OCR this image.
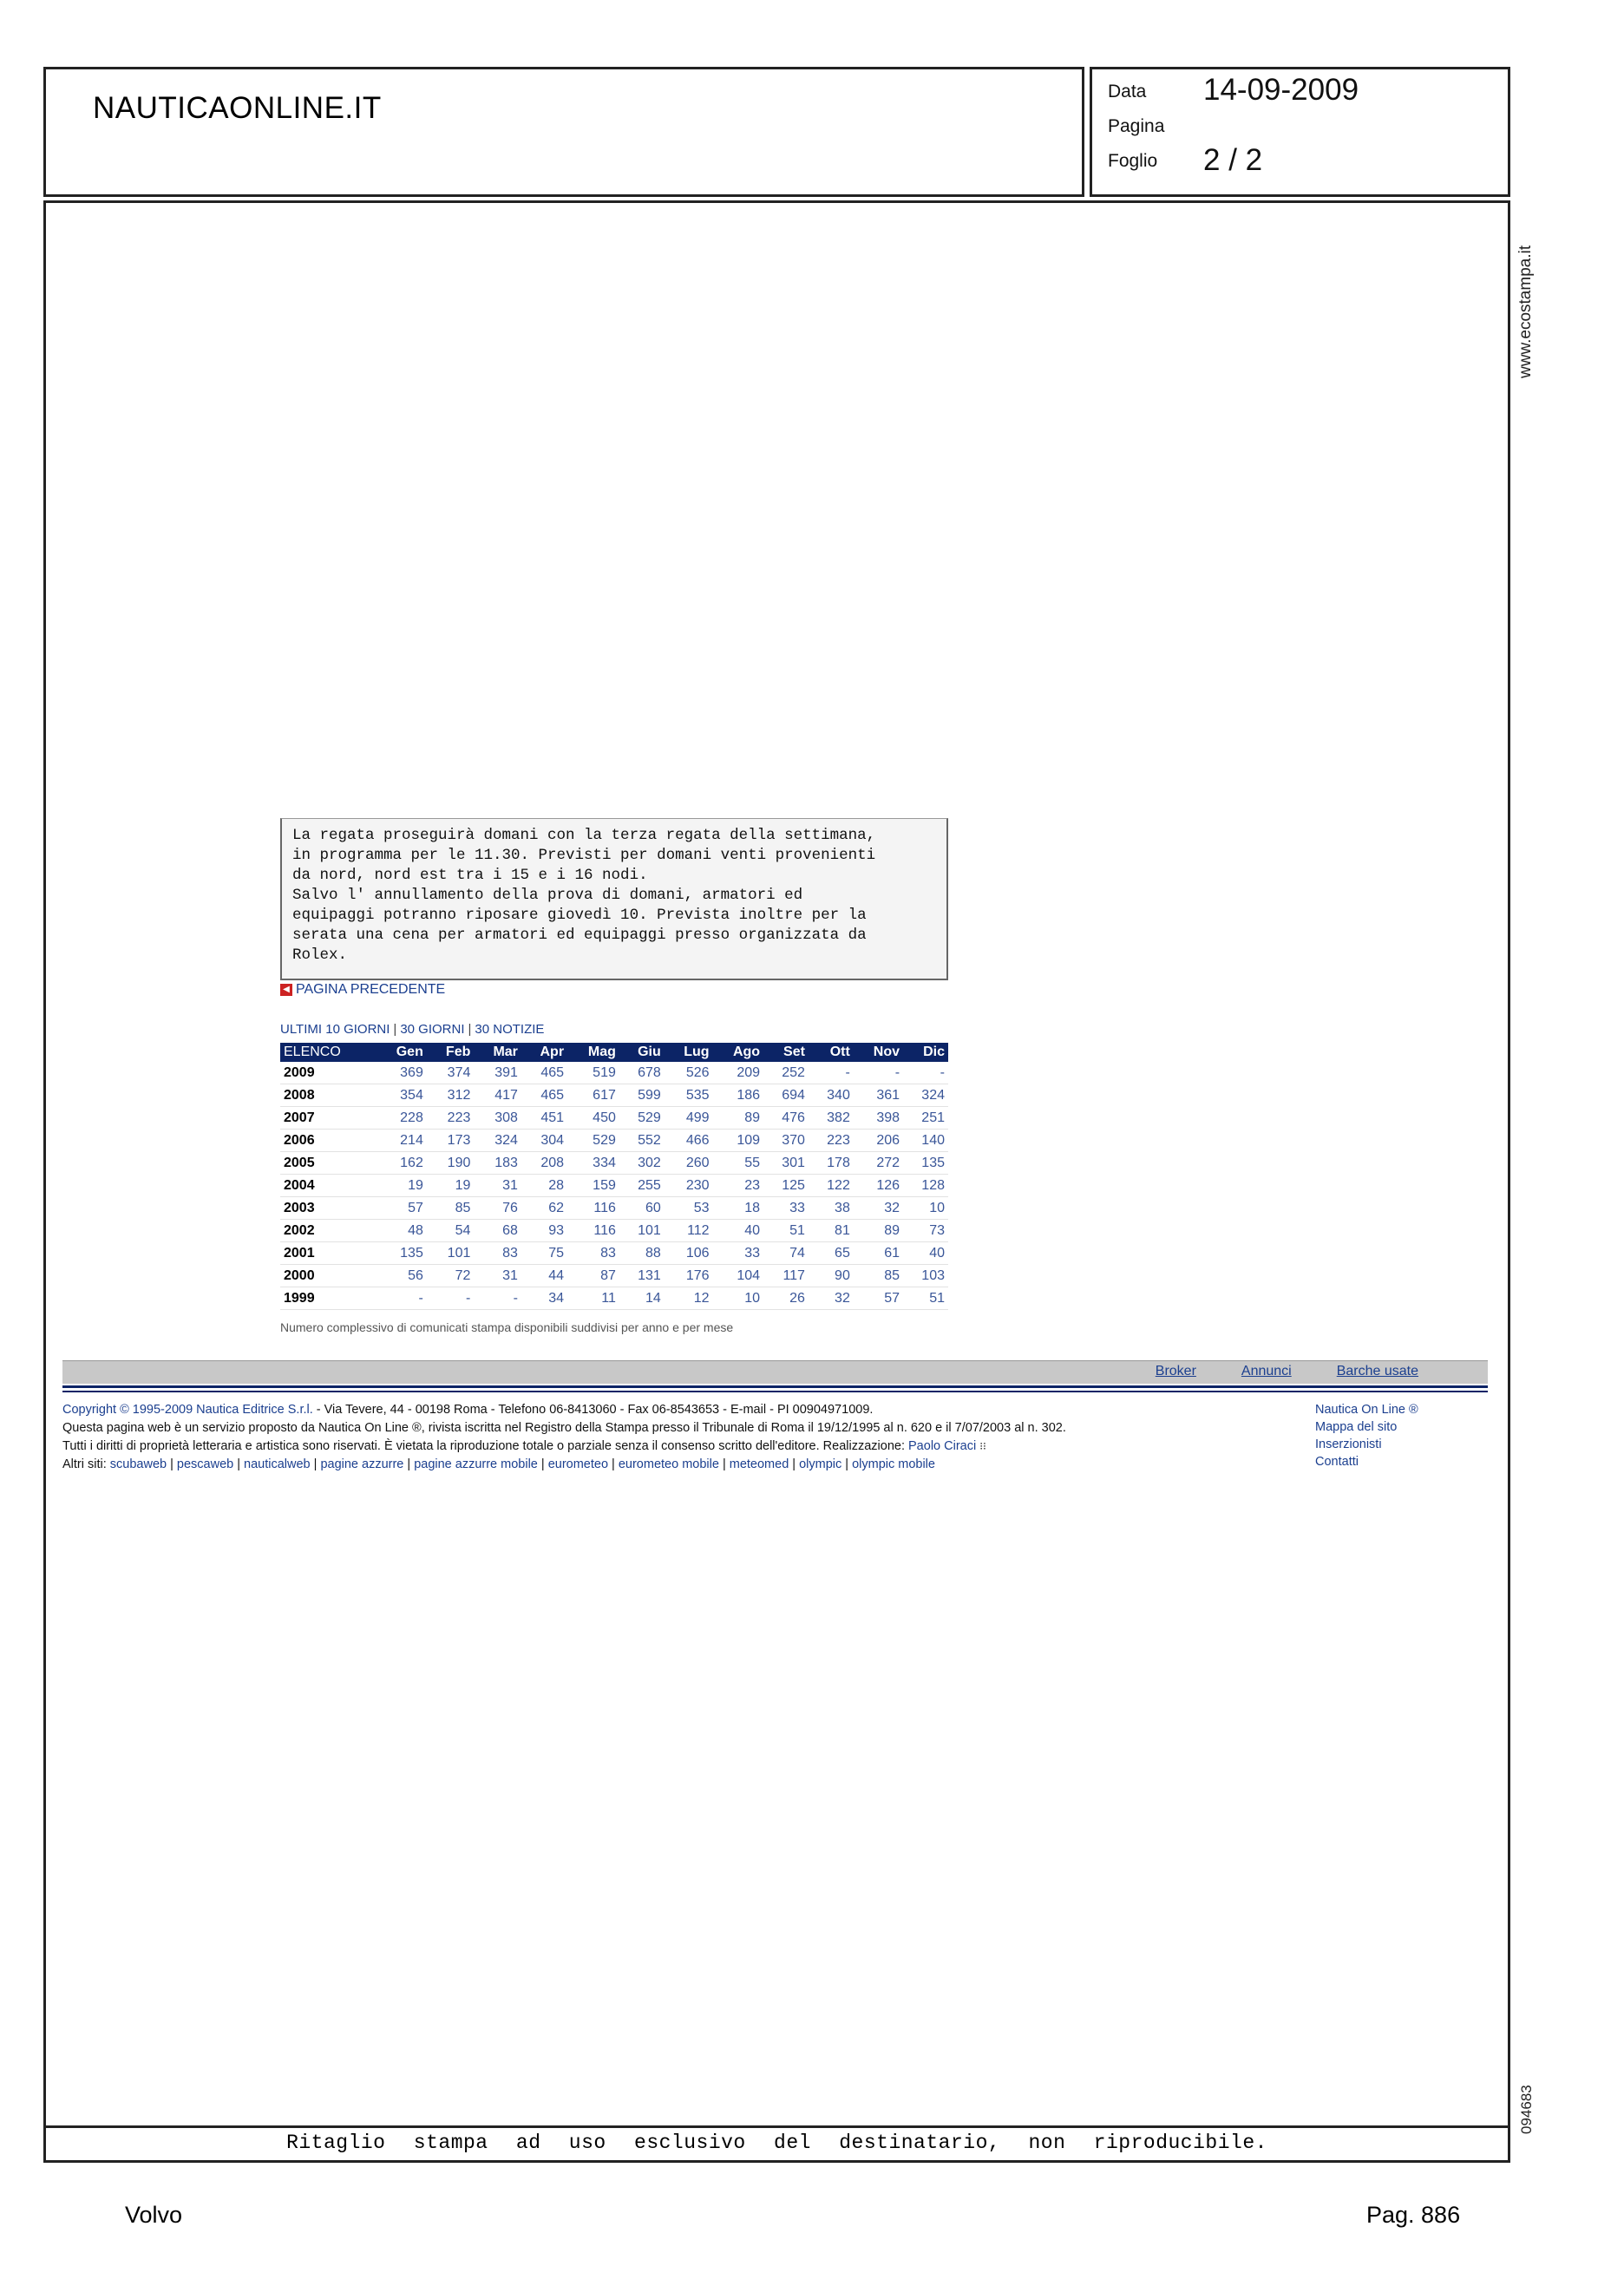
NAUTICAONLINE.IT	Data 14-09-2009
Pagina
Foglio 2 / 2
www.ecostampa.it
094683
Ritaglio stampa ad uso esclusivo del destinatario, non riproducibile.
La regata proseguirà domani con la terza regata della settimana,
in programma per le 11.30. Previsti per domani venti provenienti
da nord, nord est tra i 15 e i 16 nodi.
Salvo l' annullamento della prova di domani, armatori ed
equipaggi potranno riposare giovedì 10. Prevista inoltre per la
serata una cena per armatori ed equipaggi presso organizzata da
Rolex.
◀ PAGINA PRECEDENTE
ULTIMI 10 GIORNI | 30 GIORNI | 30 NOTIZIE
ELENCO	Gen	Feb	Mar	Apr	Mag	Giu	Lug	Ago	Set	Ott	Nov	Dic
2009	369	374	391	465	519	678	526	209	252	-	-	-
2008	354	312	417	465	617	599	535	186	694	340	361	324
2007	228	223	308	451	450	529	499	89	476	382	398	251
2006	214	173	324	304	529	552	466	109	370	223	206	140
2005	162	190	183	208	334	302	260	55	301	178	272	135
2004	19	19	31	28	159	255	230	23	125	122	126	128
2003	57	85	76	62	116	60	53	18	33	38	32	10
2002	48	54	68	93	116	101	112	40	51	81	89	73
2001	135	101	83	75	83	88	106	33	74	65	61	40
2000	56	72	31	44	87	131	176	104	117	90	85	103
1999	-	-	-	34	11	14	12	10	26	32	57	51
Numero complessivo di comunicati stampa disponibili suddivisi per anno e per mese
Broker	Annunci	Barche usate
Copyright © 1995-2009 Nautica Editrice S.r.l. - Via Tevere, 44 - 00198 Roma - Telefono 06-8413060 - Fax 06-8543653 - E-mail - PI 00904971009.
Questa pagina web è un servizio proposto da Nautica On Line ®, rivista iscritta nel Registro della Stampa presso il Tribunale di Roma il 19/12/1995 al n. 620 e il 7/07/2003 al n. 302.
Tutti i diritti di proprietà letteraria e artistica sono riservati. È vietata la riproduzione totale o parziale senza il consenso scritto dell'editore. Realizzazione: Paolo Ciraci ⁝⁝
Altri siti: scubaweb | pescaweb | nauticalweb | pagine azzurre | pagine azzurre mobile | eurometeo | eurometeo mobile | meteomed | olympic | olympic mobile
Nautica On Line ®
Mappa del sito
Inserzionisti
Contatti
Volvo	Pag. 886
